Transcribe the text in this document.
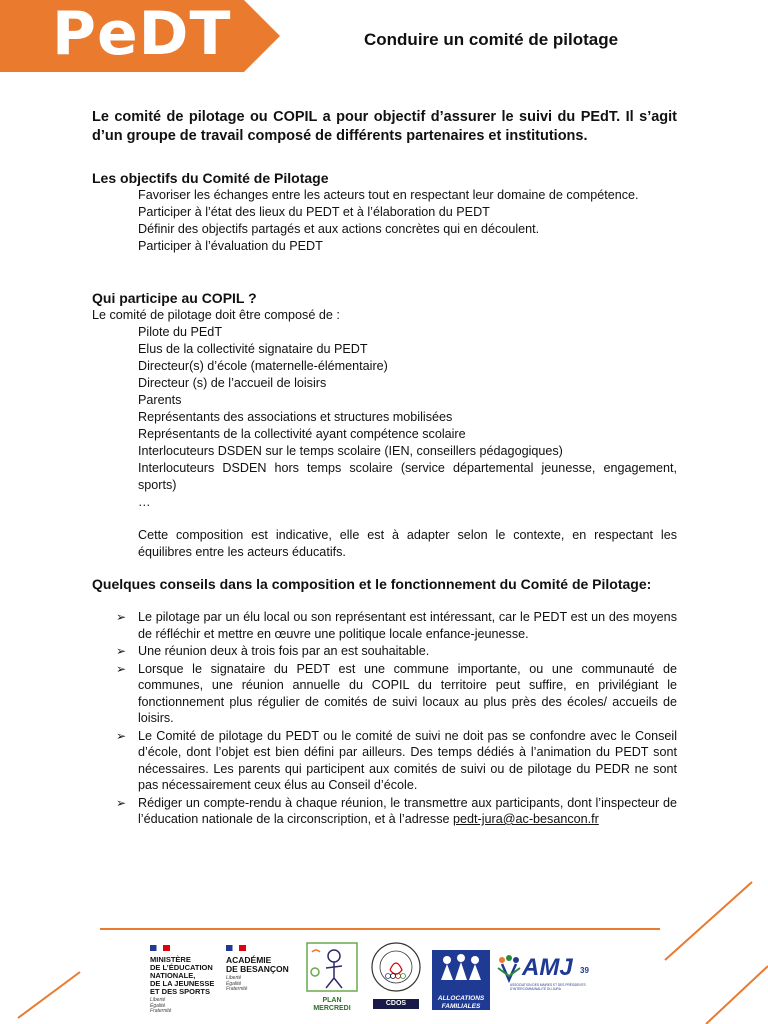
PeDT	Conduire un comité de pilotage

Le comité de pilotage ou COPIL a pour objectif d’assurer le suivi du PEdT. Il s’agit d’un groupe de travail composé de différents partenaires et institutions.

Les objectifs du Comité de Pilotage

Favoriser les échanges entre les acteurs tout en respectant leur domaine de compétence.
Participer à l’état des lieux du PEDT et à l’élaboration du PEDT
Définir des objectifs partagés et aux actions concrètes qui en découlent.
Participer à l’évaluation du PEDT

Qui participe au COPIL ?

Le comité de pilotage doit être composé de :

Pilote du PEdT
Elus de la collectivité signataire du PEDT
Directeur(s) d’école (maternelle-élémentaire)
Directeur (s) de l’accueil de loisirs
Parents
Représentants des associations et structures mobilisées
Représentants de la collectivité ayant compétence scolaire
Interlocuteurs DSDEN sur le temps scolaire (IEN, conseillers pédagogiques)
Interlocuteurs DSDEN hors temps scolaire (service départemental jeunesse, engagement, sports)
…

Cette composition est indicative, elle est à adapter selon le contexte, en respectant les équilibres entre les acteurs éducatifs.

Quelques conseils dans la composition et le fonctionnement du Comité de Pilotage:

➢ Le pilotage par un élu local ou son représentant est intéressant, car le PEDT est un des moyens de réfléchir et mettre en œuvre une politique locale enfance-jeunesse.
➢ Une réunion deux à trois fois par an est souhaitable.
➢ Lorsque le signataire du PEDT est une commune importante, ou une communauté de communes, une réunion annuelle du COPIL du territoire peut suffire, en privilégiant le fonctionnement plus régulier de comités de suivi locaux au plus près des écoles/ accueils de loisirs.
➢ Le Comité de pilotage du PEDT ou le comité de suivi ne doit pas se confondre avec le Conseil d’école, dont l’objet est bien défini par ailleurs. Des temps dédiés à l’animation du PEDT sont nécessaires. Les parents qui participent aux comités de suivi ou de pilotage du PEDR ne sont pas nécessairement ceux élus au Conseil d’école.
➢ Rédiger un compte-rendu à chaque réunion, le transmettre aux participants, dont l’inspecteur de l’éducation nationale de la circonscription, et à l’adresse pedt-jura@ac-besancon.fr
MINISTÈRE
DE L’ÉDUCATION
NATIONALE,
DE LA JEUNESSE
ET DES SPORTS
Liberté
Égalité
Fraternité
ACADÉMIE
DE BESANÇON
Liberté
Égalité
Fraternité
PLAN
MERCREDI
CDOS
ALLOCATIONS
FAMILIALES
AMJ 39
ASSOCIATION DES MAIRES ET DES PRÉSIDENTS D’INTERCOMMUNALITÉ DU JURA
